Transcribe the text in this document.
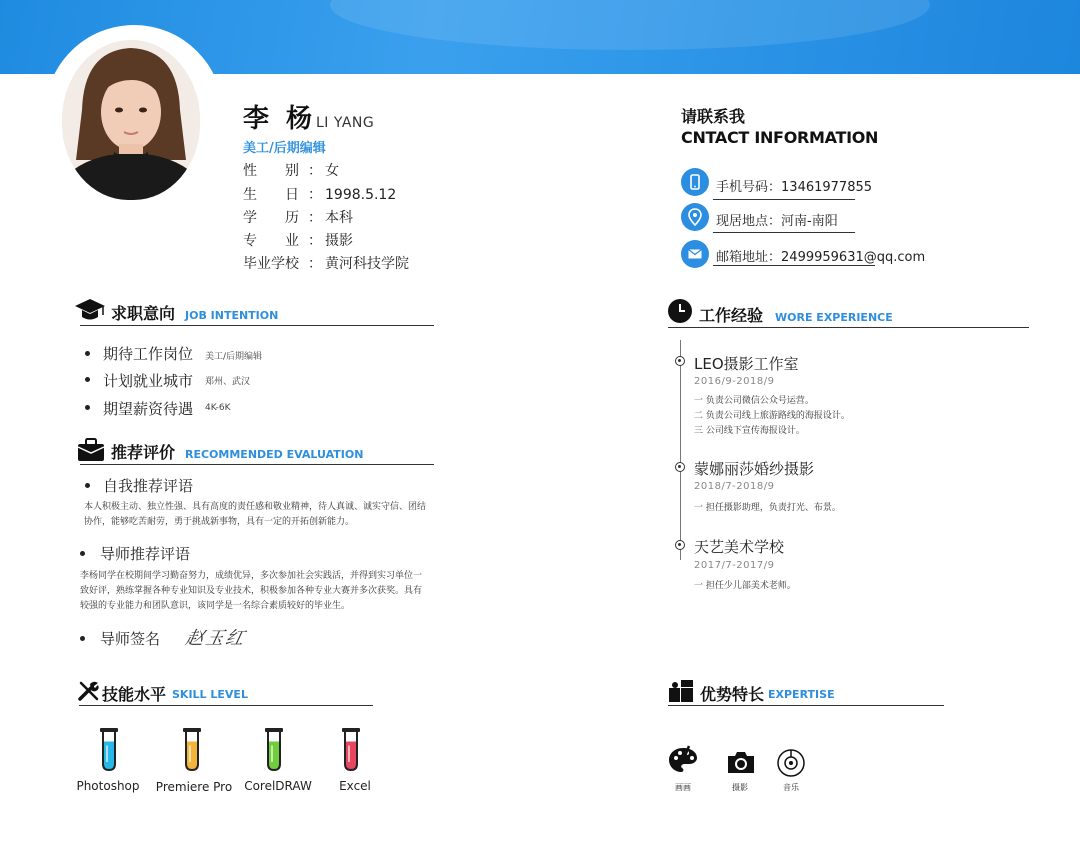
李 杨 LI YANG
美工/后期编辑
性　　别 ： 女
生　　日 ： 1998.5.12
学　　历 ： 本科
专　　业 ： 摄影
毕业学校 ： 黄河科技学院
请联系我
CNTACT INFORMATION
手机号码：13461977855
现居地点：河南-南阳
邮箱地址：2499959631@qq.com
求职意向 JOB INTENTION
期待工作岗位 美工/后期编辑
计划就业城市 郑州、武汉
期望薪资待遇 4K-6K
推荐评价 RECOMMENDED EVALUATION
自我推荐评语
本人积极主动、独立性强、具有高度的责任感和敬业精神，待人真诚、诚实守信、团结
协作，能够吃苦耐劳，勇于挑战新事物，具有一定的开拓创新能力。
导师推荐评语
李杨同学在校期间学习勤奋努力，成绩优异，多次参加社会实践活，并得到实习单位一
致好评，熟练掌握各种专业知识及专业技术，积极参加各种专业大赛并多次获奖。具有
较强的专业能力和团队意识，该同学是一名综合素质较好的毕业生。
导师签名 赵玉红
工作经验 WORE EXPERIENCE
LEO摄影工作室
2016/9-2018/9
一 负责公司微信公众号运营。
二 负责公司线上旅游路线的海报设计。
三 公司线下宣传海报设计。
蒙娜丽莎婚纱摄影
2018/7-2018/9
一 担任摄影助理，负责打光、布景。
天艺美术学校
2017/7-2017/9
一 担任少儿部美术老师。
技能水平 SKILL LEVEL
Photoshop	Premiere Pro	CorelDRAW	Excel
优势特长 EXPERTISE
画画	摄影	音乐
